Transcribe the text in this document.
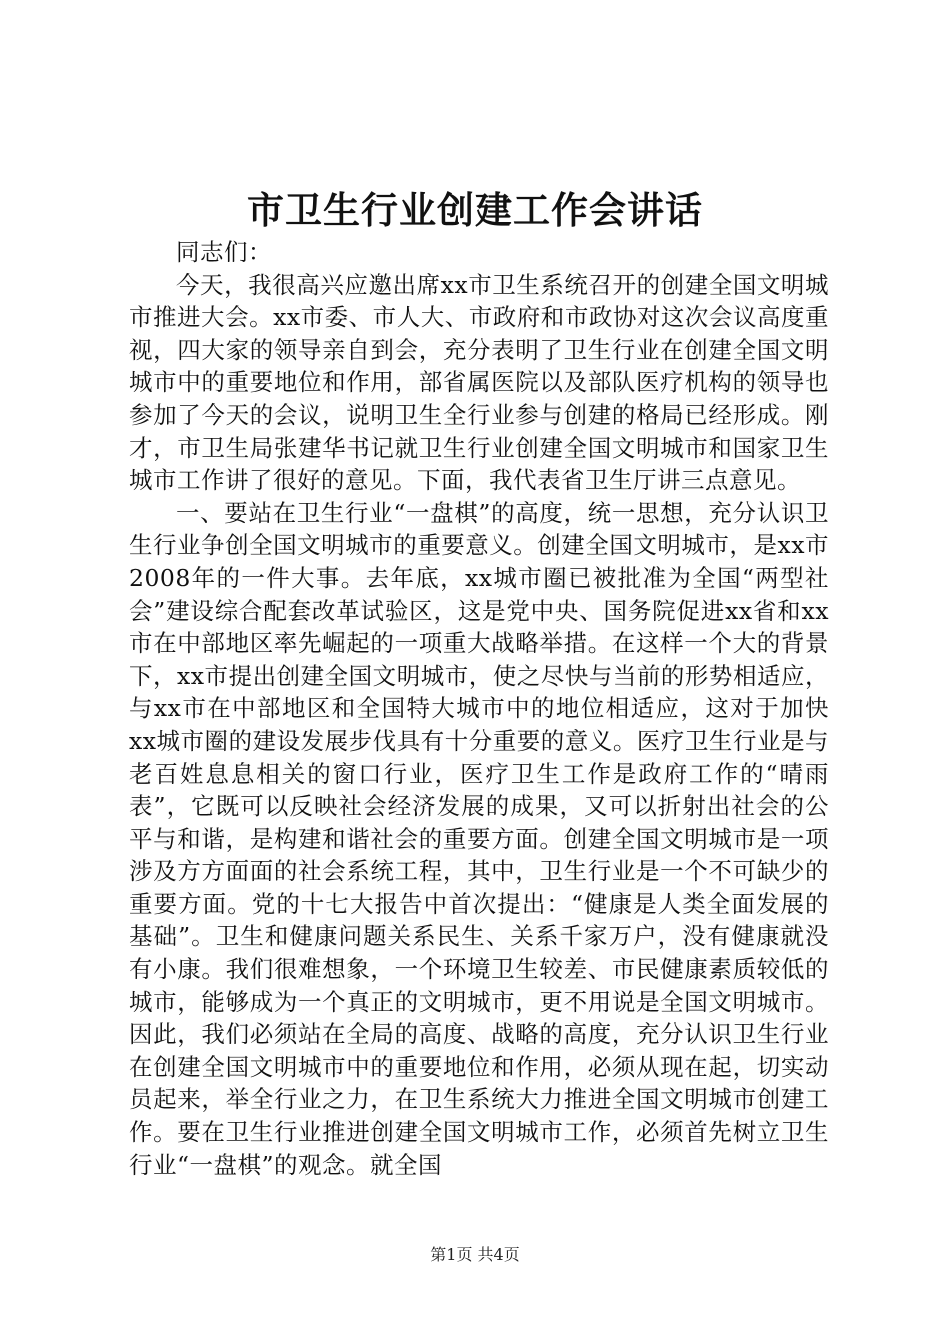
市卫生行业创建工作会讲话

同志们：

今天，我很高兴应邀出席xx市卫生系统召开的创建全国文明城市推进大会。xx市委、市人大、市政府和市政协对这次会议高度重视，四大家的领导亲自到会，充分表明了卫生行业在创建全国文明城市中的重要地位和作用，部省属医院以及部队医疗机构的领导也参加了今天的会议，说明卫生全行业参与创建的格局已经形成。刚才，市卫生局张建华书记就卫生行业创建全国文明城市和国家卫生城市工作讲了很好的意见。下面，我代表省卫生厅讲三点意见。

一、要站在卫生行业“一盘棋”的高度，统一思想，充分认识卫生行业争创全国文明城市的重要意义。创建全国文明城市，是xx市2008年的一件大事。去年底，xx城市圈已被批准为全国“两型社会”建设综合配套改革试验区，这是党中央、国务院促进xx省和xx市在中部地区率先崛起的一项重大战略举措。在这样一个大的背景下，xx市提出创建全国文明城市，使之尽快与当前的形势相适应，与xx市在中部地区和全国特大城市中的地位相适应，这对于加快xx城市圈的建设发展步伐具有十分重要的意义。医疗卫生行业是与老百姓息息相关的窗口行业，医疗卫生工作是政府工作的“晴雨表”，它既可以反映社会经济发展的成果，又可以折射出社会的公平与和谐，是构建和谐社会的重要方面。创建全国文明城市是一项涉及方方面面的社会系统工程，其中，卫生行业是一个不可缺少的重要方面。党的十七大报告中首次提出：“健康是人类全面发展的基础”。卫生和健康问题关系民生、关系千家万户，没有健康就没有小康。我们很难想象，一个环境卫生较差、市民健康素质较低的城市，能够成为一个真正的文明城市，更不用说是全国文明城市。因此，我们必须站在全局的高度、战略的高度，充分认识卫生行业在创建全国文明城市中的重要地位和作用，必须从现在起，切实动员起来，举全行业之力，在卫生系统大力推进全国文明城市创建工作。要在卫生行业推进创建全国文明城市工作，必须首先树立卫生行业“一盘棋”的观念。就全国

第1页 共4页
